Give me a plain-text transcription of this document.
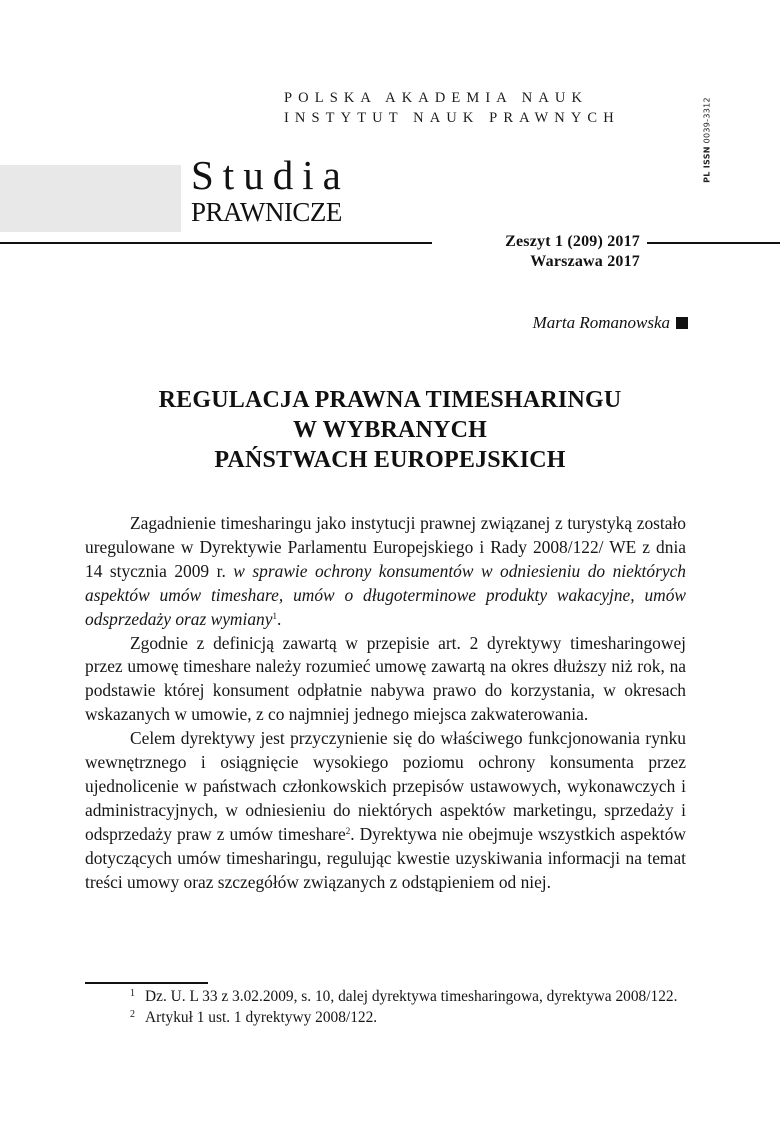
POLSKA AKADEMIA NAUK
INSTYTUT NAUK PRAWNYCH
PL ISSN 0039-3312
Studia
PRAWNICZE
Zeszyt 1 (209) 2017
Warszawa 2017
Marta Romanowska
REGULACJA PRAWNA TIMESHARINGU
W WYBRANYCH
PAŃSTWACH EUROPEJSKICH

Zagadnienie timesharingu jako instytucji prawnej związanej z turystyką zostało uregulowane w Dyrektywie Parlamentu Europejskiego i Rady 2008/122/ WE z dnia 14 stycznia 2009 r. w sprawie ochrony konsumentów w odniesieniu do niektórych aspektów umów timeshare, umów o długoterminowe produkty wakacyjne, umów odsprzedaży oraz wymiany$^1$.

Zgodnie z definicją zawartą w przepisie art. 2 dyrektywy timesharingowej przez umowę timeshare należy rozumieć umowę zawartą na okres dłuższy niż rok, na podstawie której konsument odpłatnie nabywa prawo do korzystania, w okresach wskazanych w umowie, z co najmniej jednego miejsca zakwaterowania.

Celem dyrektywy jest przyczynienie się do właściwego funkcjonowania rynku wewnętrznego i osiągnięcie wysokiego poziomu ochrony konsumenta przez ujednolicenie w państwach członkowskich przepisów ustawowych, wykonawczych i administracyjnych, w odniesieniu do niektórych aspektów marketingu, sprzedaży i odsprzedaży praw z umów timeshare$^2$. Dyrektywa nie obejmuje wszystkich aspektów dotyczących umów timesharingu, regulując kwestie uzyskiwania informacji na temat treści umowy oraz szczegółów związanych z odstąpieniem od niej.

$^1$ Dz. U. L 33 z 3.02.2009, s. 10, dalej dyrektywa timesharingowa, dyrektywa 2008/122.

$^2$ Artykuł 1 ust. 1 dyrektywy 2008/122.
